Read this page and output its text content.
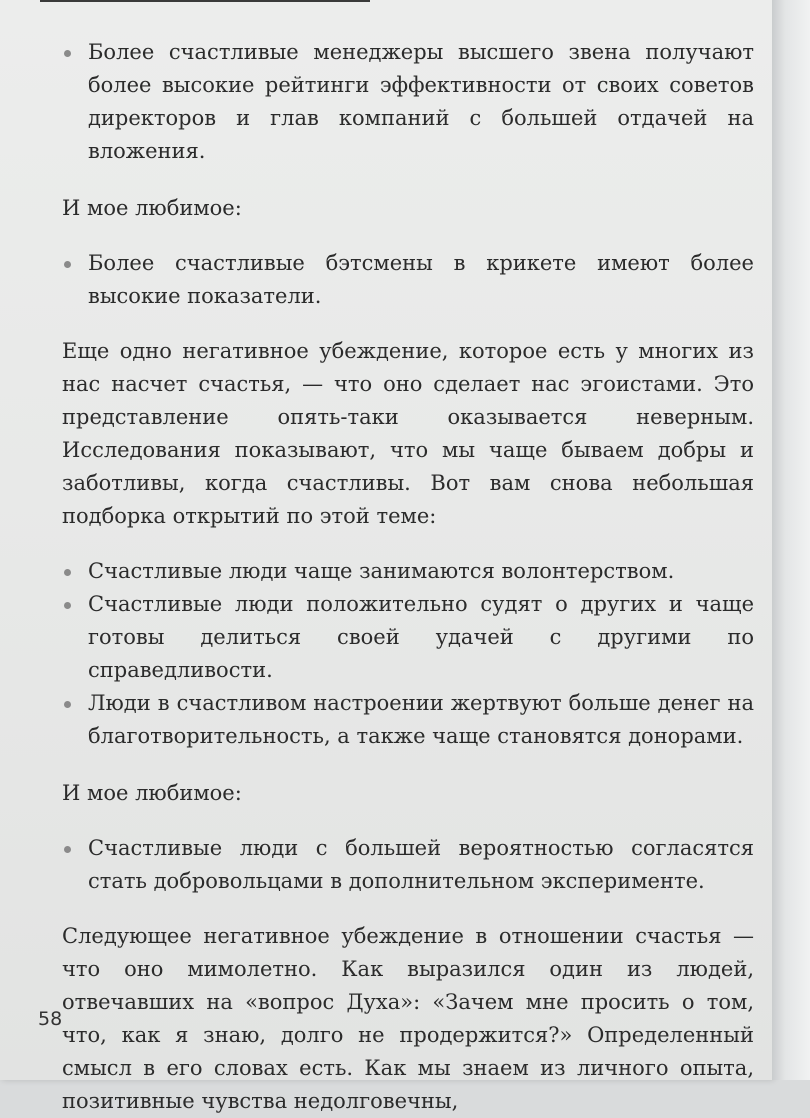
Более счастливые менеджеры высшего звена получают более высокие рейтинги эффективности от своих советов директоров и глав компаний с большей отдачей на вложения.

И мое любимое:

Более счастливые бэтсмены в крикете имеют более высокие показатели.

Еще одно негативное убеждение, которое есть у многих из нас насчет счастья, — что оно сделает нас эгоистами. Это представление опять-таки оказывается неверным. Исследования показывают, что мы чаще бываем добры и заботливы, когда счастливы. Вот вам снова небольшая подборка открытий по этой теме:

Счастливые люди чаще занимаются волонтерством.
Счастливые люди положительно судят о других и чаще готовы делиться своей удачей с другими по справедливости.
Люди в счастливом настроении жертвуют больше денег на благотворительность, а также чаще становятся донорами.

И мое любимое:

Счастливые люди с большей вероятностью согласятся стать добровольцами в дополнительном эксперименте.

Следующее негативное убеждение в отношении счастья — что оно мимолетно. Как выразился один из людей, отвечавших на «вопрос Духа»: «Зачем мне просить о том, что, как я знаю, долго не продержится?» Определенный смысл в его словах есть. Как мы знаем из личного опыта, позитивные чувства недолговечны,

58
